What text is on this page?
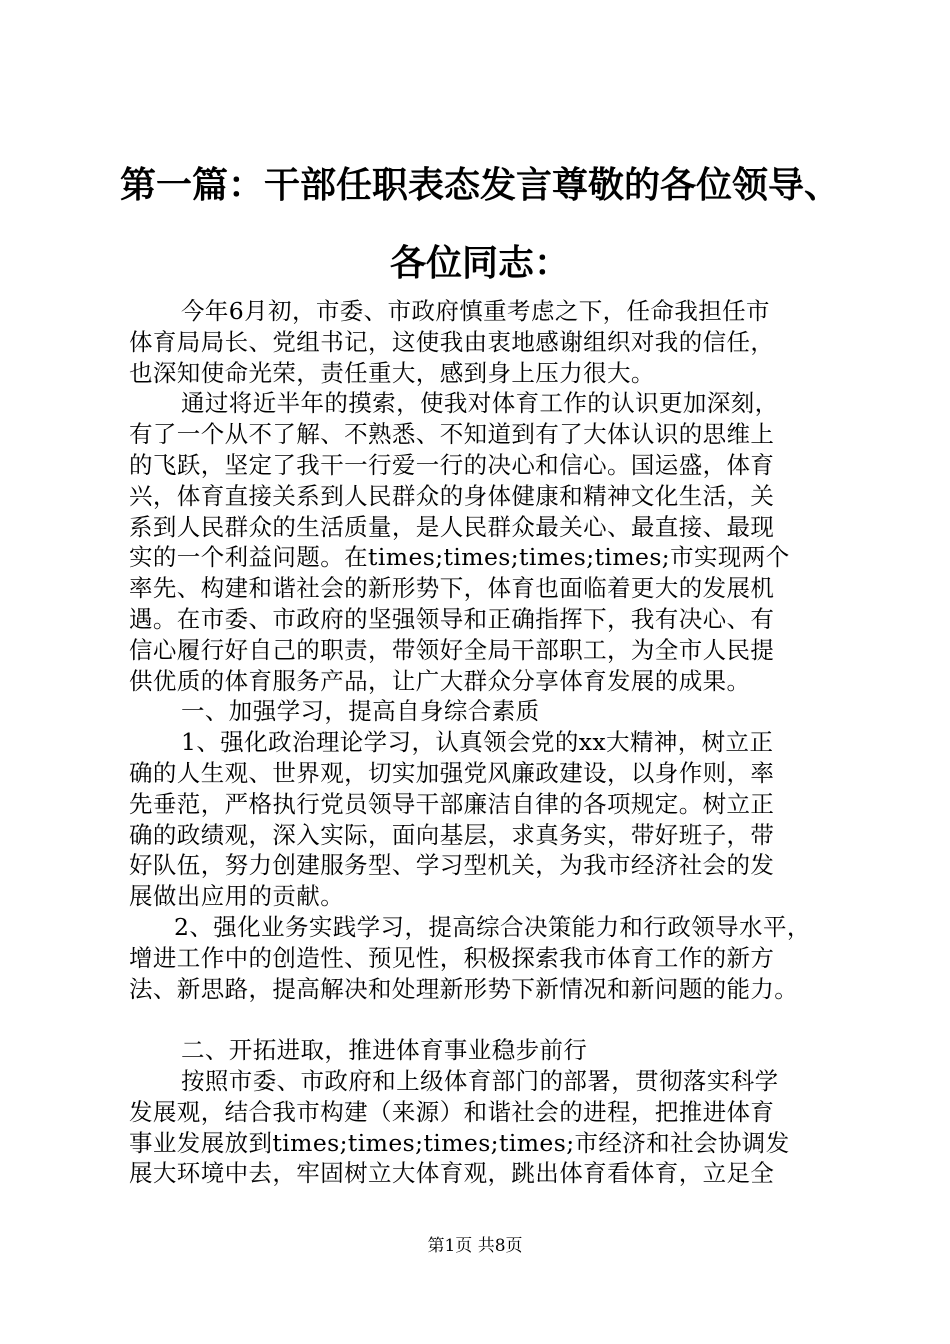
第一篇：干部任职表态发言尊敬的各位领导、
各位同志：
今年6月初，市委、市政府慎重考虑之下，任命我担任市
体育局局长、党组书记，这使我由衷地感谢组织对我的信任，
也深知使命光荣，责任重大，感到身上压力很大。
通过将近半年的摸索，使我对体育工作的认识更加深刻，
有了一个从不了解、不熟悉、不知道到有了大体认识的思维上
的飞跃，坚定了我干一行爱一行的决心和信心。国运盛，体育
兴，体育直接关系到人民群众的身体健康和精神文化生活，关
系到人民群众的生活质量，是人民群众最关心、最直接、最现
实的一个利益问题。在times;times;times;times;市实现两个
率先、构建和谐社会的新形势下，体育也面临着更大的发展机
遇。在市委、市政府的坚强领导和正确指挥下，我有决心、有
信心履行好自己的职责，带领好全局干部职工，为全市人民提
供优质的体育服务产品，让广大群众分享体育发展的成果。
一、加强学习，提高自身综合素质
1、强化政治理论学习，认真领会党的xx大精神，树立正
确的人生观、世界观，切实加强党风廉政建设，以身作则，率
先垂范，严格执行党员领导干部廉洁自律的各项规定。树立正
确的政绩观，深入实际，面向基层，求真务实，带好班子，带
好队伍，努力创建服务型、学习型机关，为我市经济社会的发
展做出应用的贡献。
2、强化业务实践学习，提高综合决策能力和行政领导水平，
增进工作中的创造性、预见性，积极探索我市体育工作的新方
法、新思路，提高解决和处理新形势下新情况和新问题的能力。
二、开拓进取，推进体育事业稳步前行
按照市委、市政府和上级体育部门的部署，贯彻落实科学
发展观，结合我市构建（来源）和谐社会的进程，把推进体育
事业发展放到times;times;times;times;市经济和社会协调发
展大环境中去，牢固树立大体育观，跳出体育看体育，立足全
第1页 共8页
